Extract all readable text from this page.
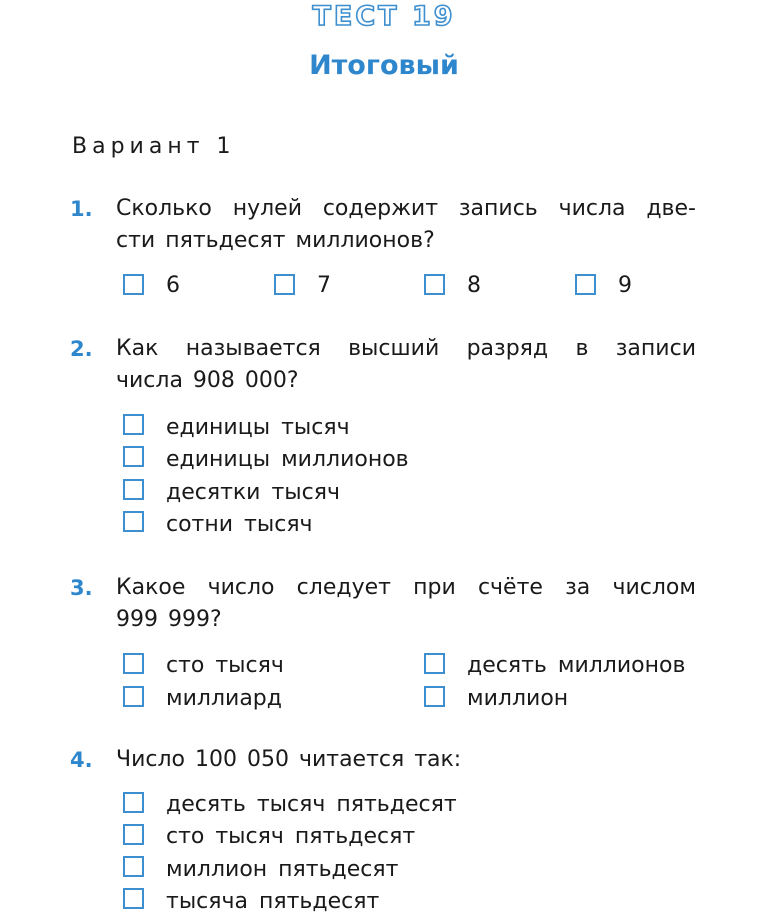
ТЕСТ 19
Итоговый
Вариант 1
1. Сколько нулей содержит запись числа две-
сти пятьдесят миллионов?
6	7	8	9
2. Как называется высший разряд в записи
числа 908 000?
единицы тысяч
единицы миллионов
десятки тысяч
сотни тысяч
3. Какое число следует при счёте за числом
999 999?
сто тысяч
миллиард
десять миллионов
миллион
4. Число 100 050 читается так:
десять тысяч пятьдесят
сто тысяч пятьдесят
миллион пятьдесят
тысяча пятьдесят
